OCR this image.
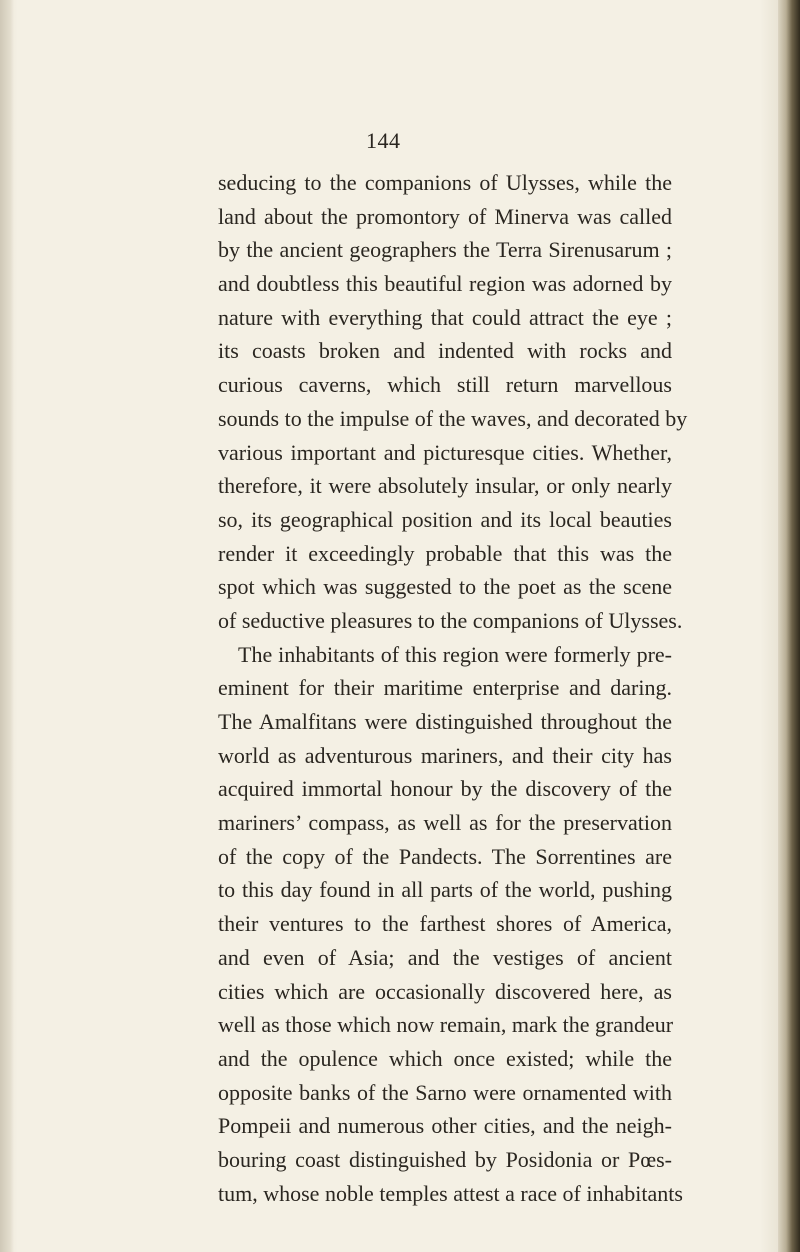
144
seducing to the companions of Ulysses, while the
land about the promontory of Minerva was called
by the ancient geographers the Terra Sirenusarum ;
and doubtless this beautiful region was adorned by
nature with everything that could attract the eye ;
its coasts broken and indented with rocks and
curious caverns, which still return marvellous
sounds to the impulse of the waves, and decorated by
various important and picturesque cities. Whether,
therefore, it were absolutely insular, or only nearly
so, its geographical position and its local beauties
render it exceedingly probable that this was the
spot which was suggested to the poet as the scene
of seductive pleasures to the companions of Ulysses.
The inhabitants of this region were formerly pre-
eminent for their maritime enterprise and daring.
The Amalfitans were distinguished throughout the
world as adventurous mariners, and their city has
acquired immortal honour by the discovery of the
mariners’ compass, as well as for the preservation
of the copy of the Pandects. The Sorrentines are
to this day found in all parts of the world, pushing
their ventures to the farthest shores of America,
and even of Asia; and the vestiges of ancient
cities which are occasionally discovered here, as
well as those which now remain, mark the grandeur
and the opulence which once existed; while the
opposite banks of the Sarno were ornamented with
Pompeii and numerous other cities, and the neigh-
bouring coast distinguished by Posidonia or Pœs-
tum, whose noble temples attest a race of inhabitants
